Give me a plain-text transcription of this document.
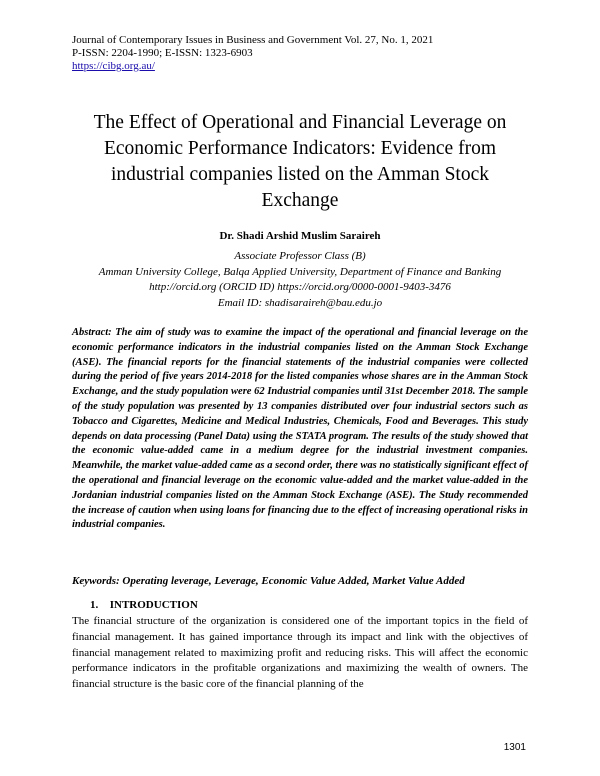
Journal of Contemporary Issues in Business and Government Vol. 27, No. 1, 2021
P-ISSN: 2204-1990; E-ISSN: 1323-6903
https://cibg.org.au/
The Effect of Operational and Financial Leverage on Economic Performance Indicators: Evidence from industrial companies listed on the Amman Stock Exchange
Dr. Shadi Arshid Muslim Saraireh
Associate Professor Class (B)
Amman University College, Balqa Applied University, Department of Finance and Banking
http://orcid.org (ORCID ID) https://orcid.org/0000-0001-9403-3476
Email ID: shadisaraireh@bau.edu.jo
Abstract: The aim of study was to examine the impact of the operational and financial leverage on the economic performance indicators in the industrial companies listed on the Amman Stock Exchange (ASE). The financial reports for the financial statements of the industrial companies were collected during the period of five years 2014-2018 for the listed companies whose shares are in the Amman Stock Exchange, and the study population were 62 Industrial companies until 31st December 2018. The sample of the study population was presented by 13 companies distributed over four industrial sectors such as Tobacco and Cigarettes, Medicine and Medical Industries, Chemicals, Food and Beverages. This study depends on data processing (Panel Data) using the STATA program. The results of the study showed that the economic value-added came in a medium degree for the industrial investment companies. Meanwhile, the market value-added came as a second order, there was no statistically significant effect of the operational and financial leverage on the economic value-added and the market value-added in the Jordanian industrial companies listed on the Amman Stock Exchange (ASE). The Study recommended the increase of caution when using loans for financing due to the effect of increasing operational risks in industrial companies.
Keywords: Operating leverage, Leverage, Economic Value Added, Market Value Added
1. INTRODUCTION
The financial structure of the organization is considered one of the important topics in the field of financial management. It has gained importance through its impact and link with the objectives of financial management related to maximizing profit and reducing risks. This will affect the economic performance indicators in the profitable organizations and maximizing the wealth of owners. The financial structure is the basic core of the financial planning of the
1301
